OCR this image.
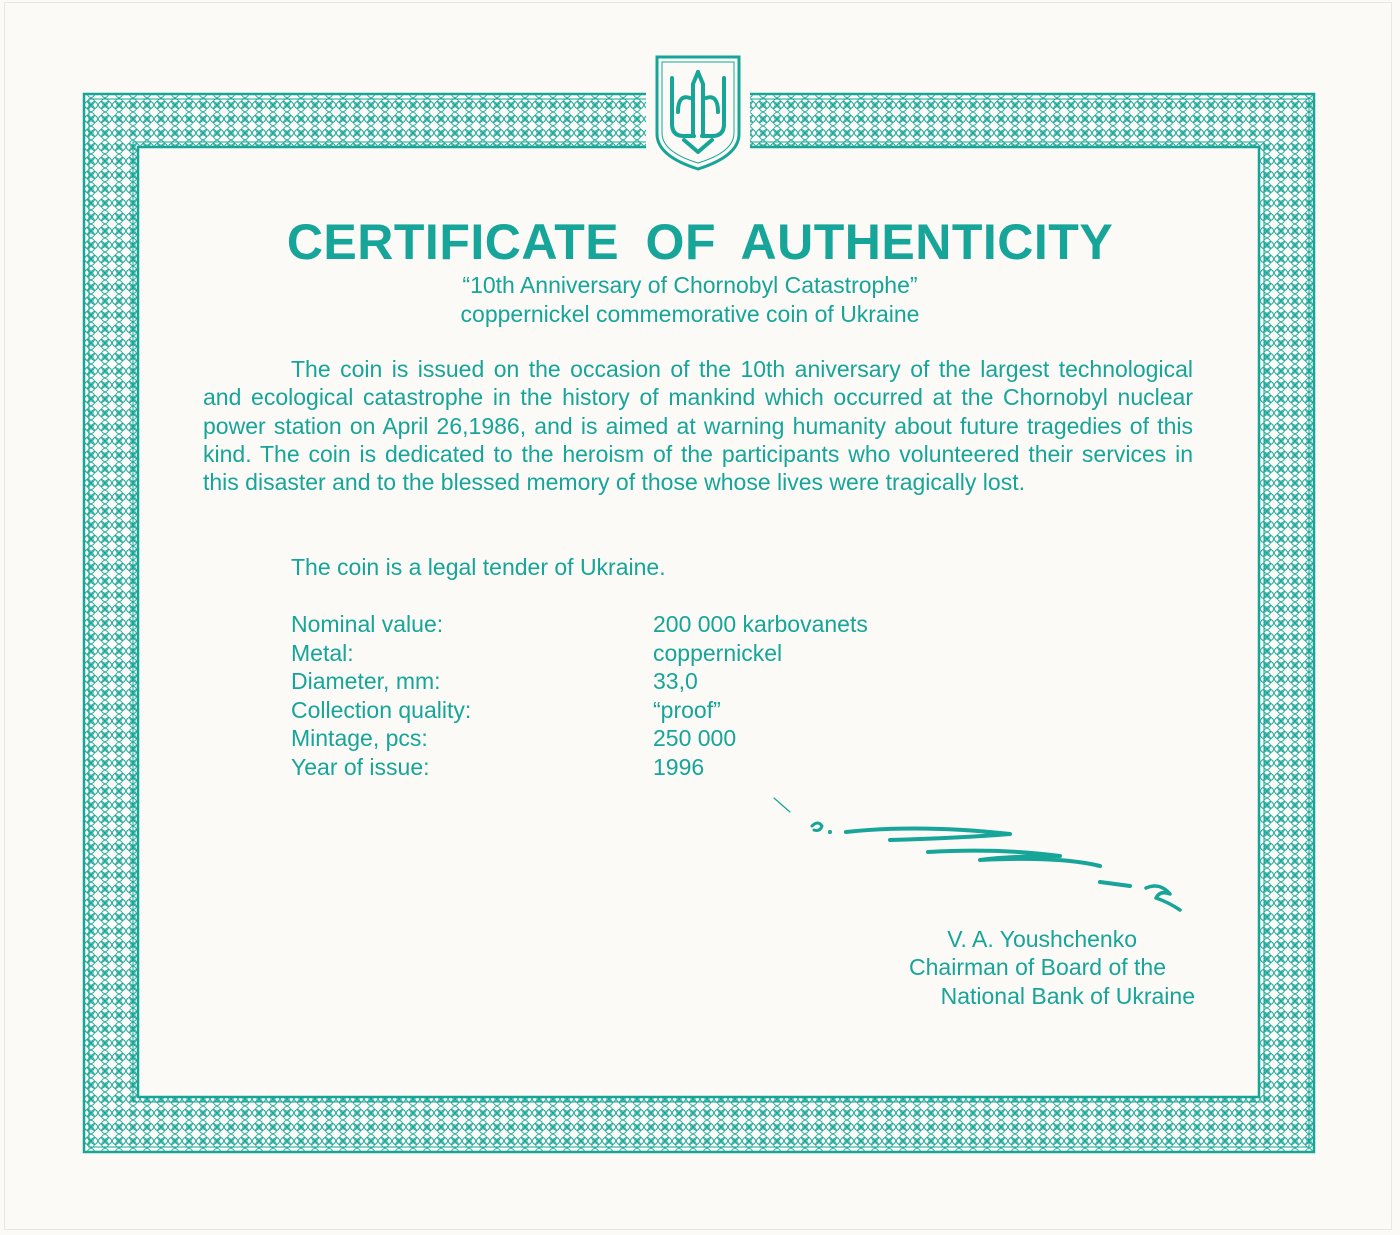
CERTIFICATE OF AUTHENTICITY
“10th Anniversary of Chornobyl Catastrophe”
coppernickel commemorative coin of Ukraine

The coin is issued on the occasion of the 10th aniversary of the largest technological and ecological catastrophe in the history of mankind which occurred at the Chornobyl nuclear power station on April 26,1986, and is aimed at warning humanity about future tragedies of this kind. The coin is dedicated to the heroism of the participants who volunteered their services in this disaster and to the blessed memory of those whose lives were tragically lost.

The coin is a legal tender of Ukraine.
Nominal value:	200 000 karbovanets
Metal:	coppernickel
Diameter, mm:	33,0
Collection quality:	“proof”
Mintage, pcs:	250 000
Year of issue:	1996
V. A. Youshchenko
Chairman of Board of the
National Bank of Ukraine
